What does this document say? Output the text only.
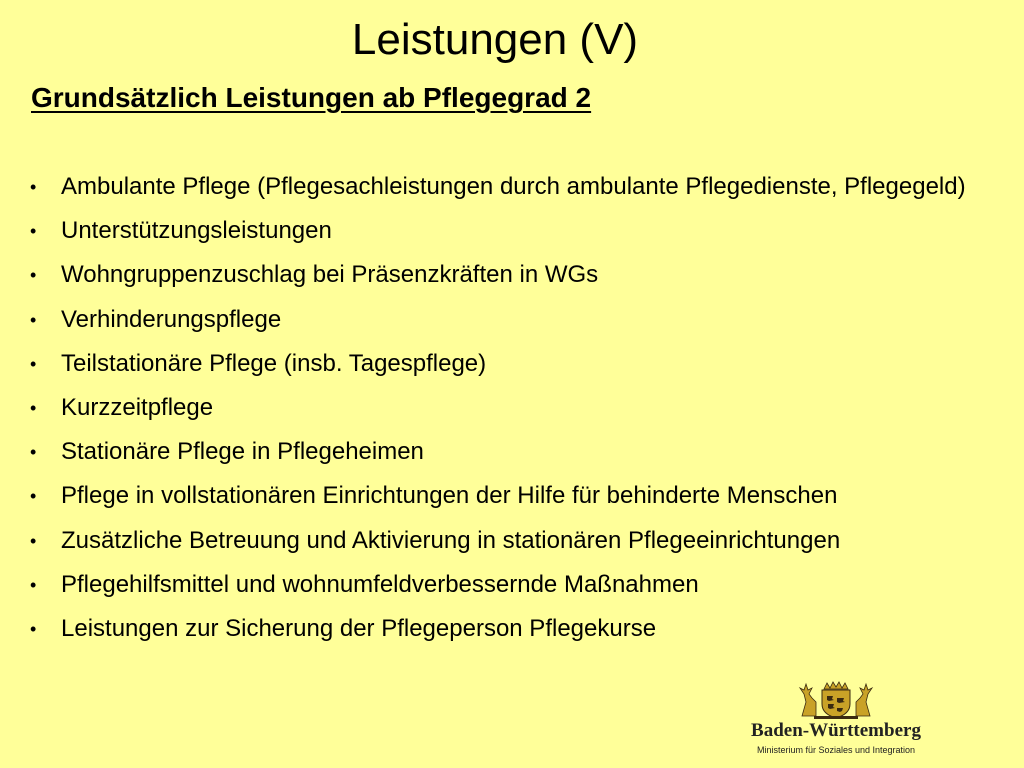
Leistungen (V)
Grundsätzlich Leistungen ab Pflegegrad 2
• Ambulante Pflege (Pflegesachleistungen durch ambulante Pflegedienste, Pflegegeld)
• Unterstützungsleistungen
• Wohngruppenzuschlag bei Präsenzkräften in WGs
• Verhinderungspflege
• Teilstationäre Pflege (insb. Tagespflege)
• Kurzzeitpflege
• Stationäre Pflege in Pflegeheimen
• Pflege in vollstationären Einrichtungen der Hilfe für behinderte Menschen
• Zusätzliche Betreuung und Aktivierung in stationären Pflegeeinrichtungen
• Pflegehilfsmittel und wohnumfeldverbessernde Maßnahmen
• Leistungen zur Sicherung der Pflegeperson Pflegekurse
Baden-Württemberg
Ministerium für Soziales und Integration
